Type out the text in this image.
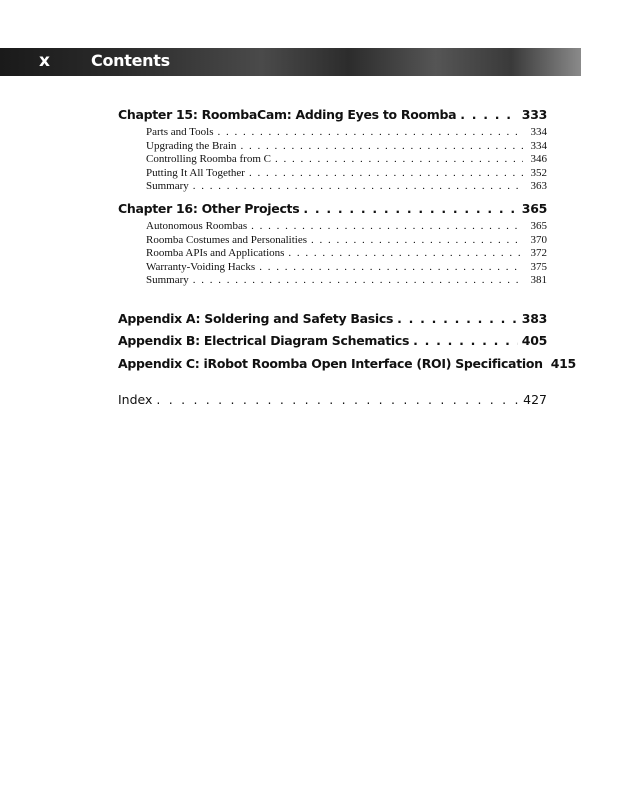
x	Contents
Chapter 15: RoombaCam: Adding Eyes to Roomba . . .	333
Parts and Tools . . .	334
Upgrading the Brain . . .	334
Controlling Roomba from C . . .	346
Putting It All Together . . .	352
Summary . . .	363
Chapter 16: Other Projects . . .	365
Autonomous Roombas . . .	365
Roomba Costumes and Personalities . . .	370
Roomba APIs and Applications . . .	372
Warranty-Voiding Hacks . . .	375
Summary . . .	381
Appendix A: Soldering and Safety Basics . . .	383
Appendix B: Electrical Diagram Schematics . . .	405
Appendix C: iRobot Roomba Open Interface (ROI) Specification 415
Index . . .	427
